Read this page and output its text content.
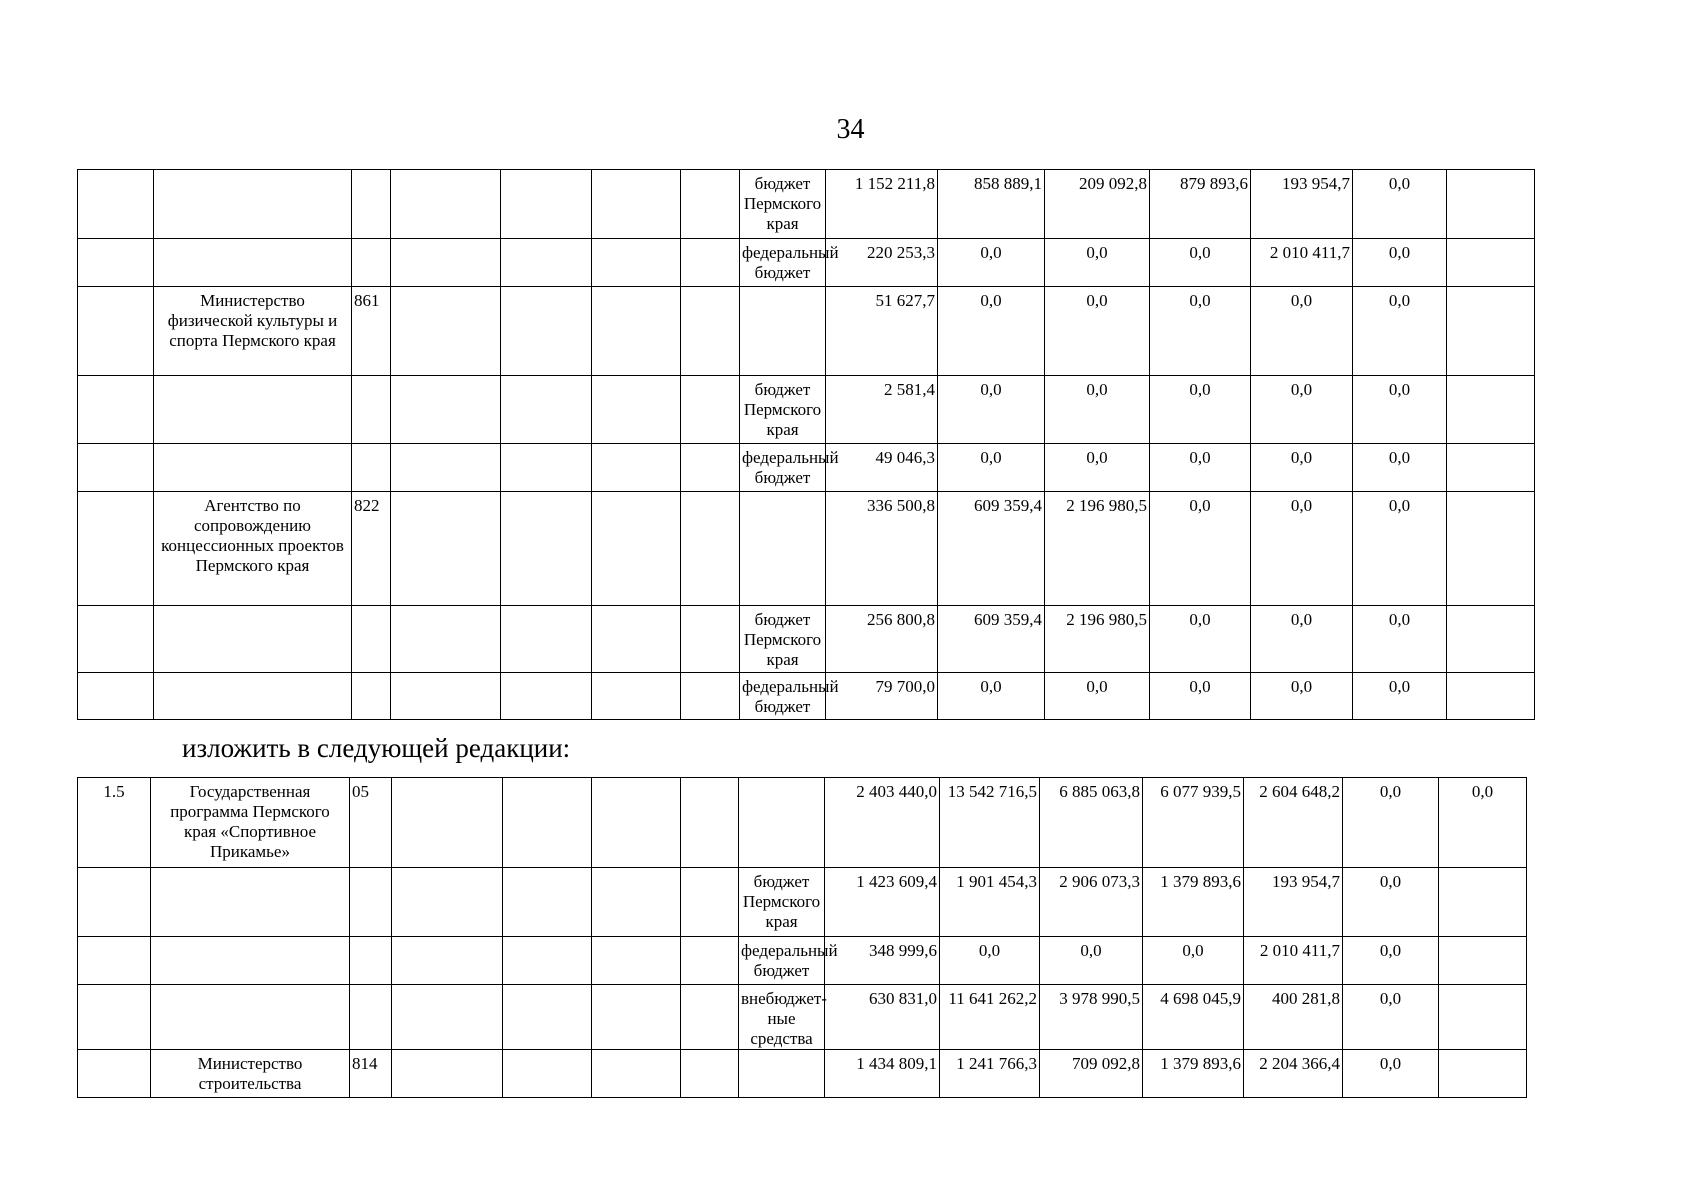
34
							бюджет Пермского края	1 152 211,8	858 889,1	209 092,8	879 893,6	193 954,7	0,0	
							федеральный бюджет	220 253,3	0,0	0,0	0,0	2 010 411,7	0,0	
	Министерство физической культуры и спорта Пермского края	861						51 627,7	0,0	0,0	0,0	0,0	0,0	
							бюджет Пермского края	2 581,4	0,0	0,0	0,0	0,0	0,0	
							федеральный бюджет	49 046,3	0,0	0,0	0,0	0,0	0,0	
	Агентство по сопровождению концессионных проектов Пермского края	822						336 500,8	609 359,4	2 196 980,5	0,0	0,0	0,0	
							бюджет Пермского края	256 800,8	609 359,4	2 196 980,5	0,0	0,0	0,0	
							федеральный бюджет	79 700,0	0,0	0,0	0,0	0,0	0,0	
изложить в следующей редакции:
1.5	Государственная программа Пермского края «Спортивное Прикамье»	05						2 403 440,0	13 542 716,5	6 885 063,8	6 077 939,5	2 604 648,2	0,0	0,0
							бюджет Пермского края	1 423 609,4	1 901 454,3	2 906 073,3	1 379 893,6	193 954,7	0,0	
							федеральный бюджет	348 999,6	0,0	0,0	0,0	2 010 411,7	0,0	
							внебюджет-ные средства	630 831,0	11 641 262,2	3 978 990,5	4 698 045,9	400 281,8	0,0	
	Министерство строительства	814						1 434 809,1	1 241 766,3	709 092,8	1 379 893,6	2 204 366,4	0,0	
